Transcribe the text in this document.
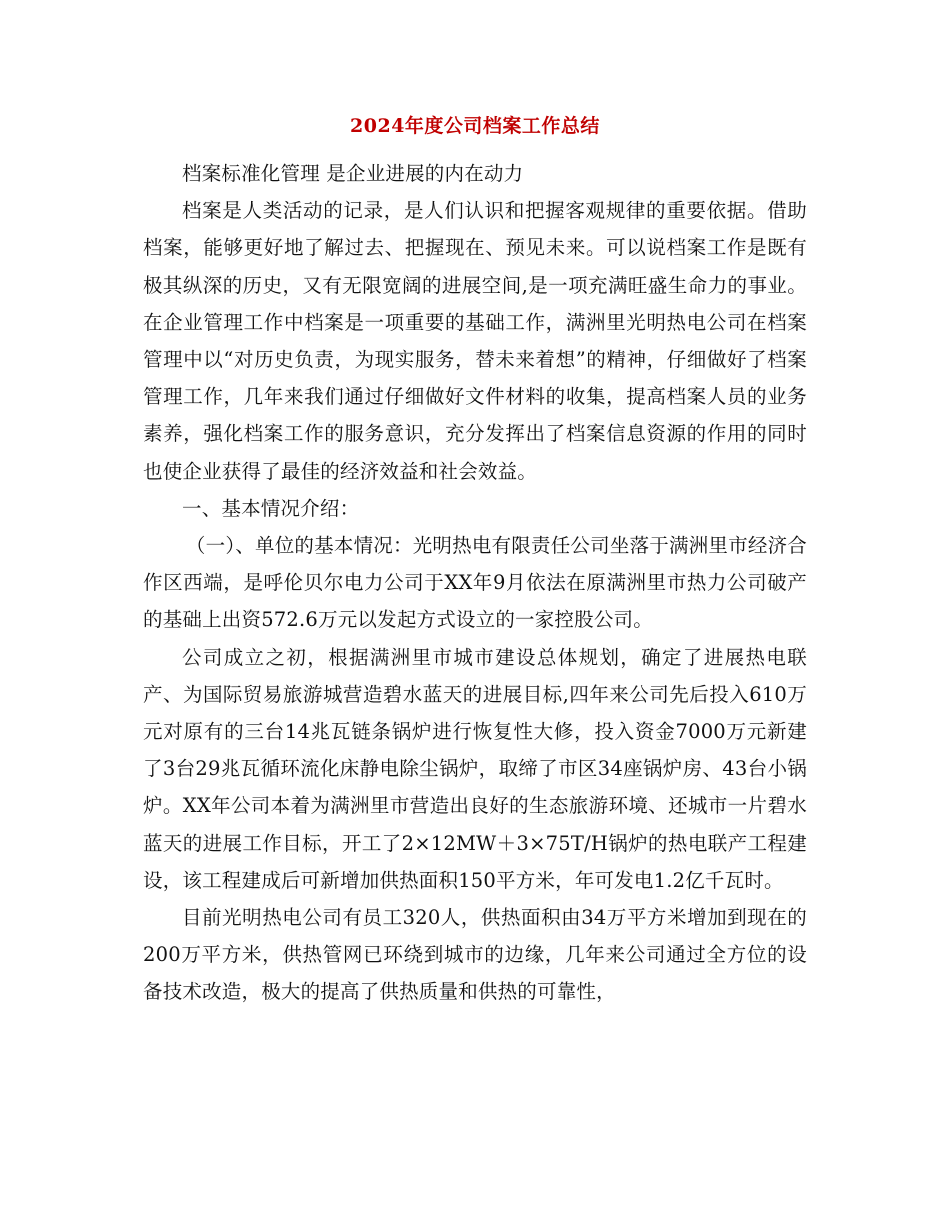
2024年度公司档案工作总结

档案标准化管理 是企业进展的内在动力

档案是人类活动的记录，是人们认识和把握客观规律的重要依据。借助档案，能够更好地了解过去、把握现在、预见未来。可以说档案工作是既有极其纵深的历史，又有无限宽阔的进展空间,是一项充满旺盛生命力的事业。在企业管理工作中档案是一项重要的基础工作，满洲里光明热电公司在档案管理中以“对历史负责，为现实服务，替未来着想”的精神，仔细做好了档案管理工作，几年来我们通过仔细做好文件材料的收集，提高档案人员的业务素养，强化档案工作的服务意识，充分发挥出了档案信息资源的作用的同时也使企业获得了最佳的经济效益和社会效益。

一、基本情况介绍：

（一）、单位的基本情况：光明热电有限责任公司坐落于满洲里市经济合作区西端，是呼伦贝尔电力公司于XX年9月依法在原满洲里市热力公司破产的基础上出资572.6万元以发起方式设立的一家控股公司。

公司成立之初，根据满洲里市城市建设总体规划，确定了进展热电联产、为国际贸易旅游城营造碧水蓝天的进展目标,四年来公司先后投入610万元对原有的三台14兆瓦链条锅炉进行恢复性大修，投入资金7000万元新建了3台29兆瓦循环流化床静电除尘锅炉，取缔了市区34座锅炉房、43台小锅炉。XX年公司本着为满洲里市营造出良好的生态旅游环境、还城市一片碧水蓝天的进展工作目标，开工了2×12MW＋3×75T/H锅炉的热电联产工程建设，该工程建成后可新增加供热面积150平方米，年可发电1.2亿千瓦时。

目前光明热电公司有员工320人，供热面积由34万平方米增加到现在的200万平方米，供热管网已环绕到城市的边缘，几年来公司通过全方位的设备技术改造，极大的提高了供热质量和供热的可靠性，
